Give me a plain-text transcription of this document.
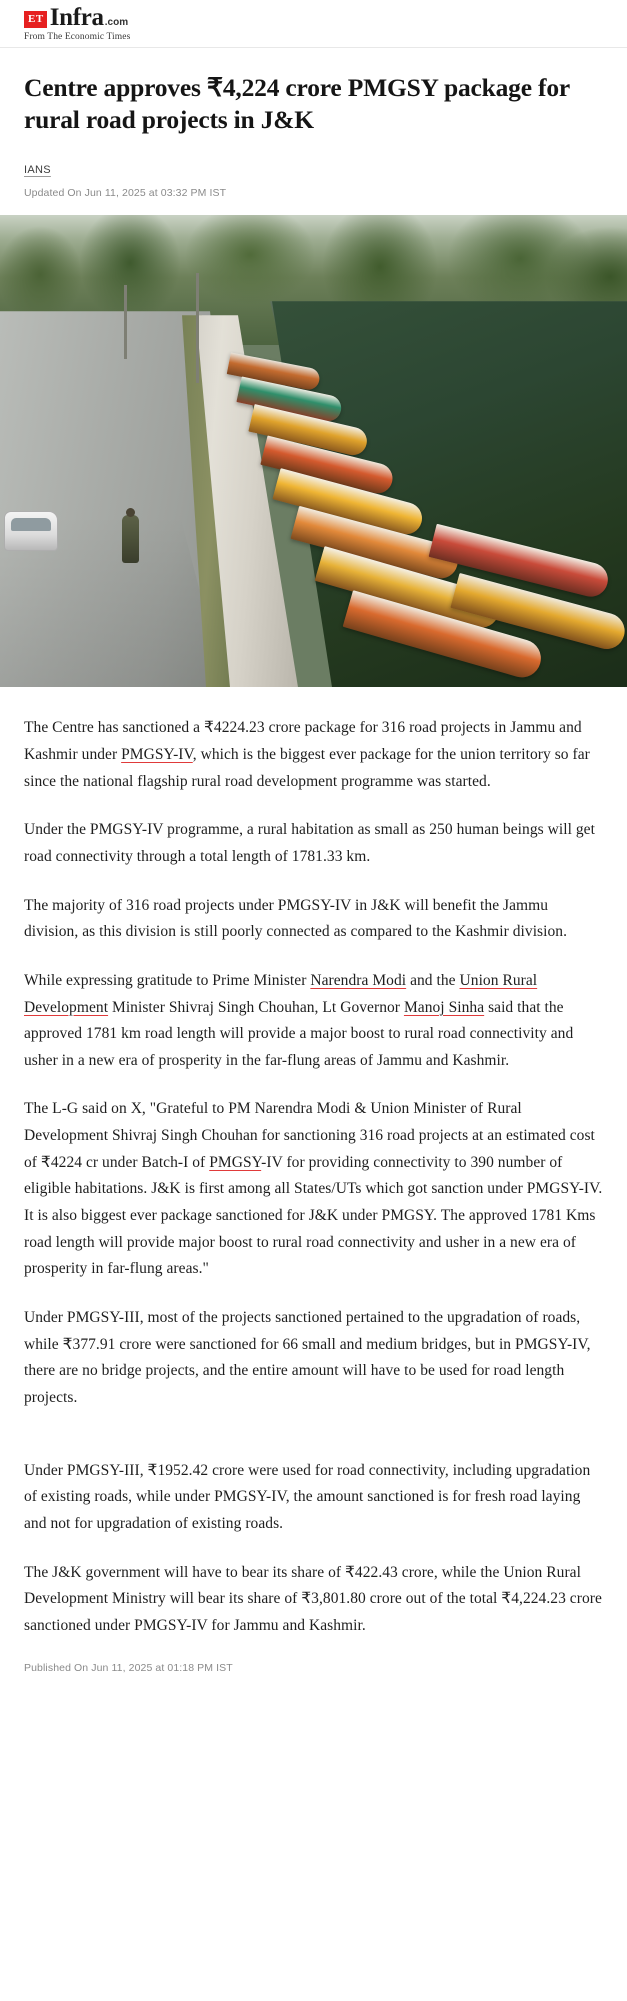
ET Infra .com
From The Economic Times
Centre approves ₹4,224 crore PMGSY package for rural road projects in J&K
IANS
Updated On Jun 11, 2025 at 03:32 PM IST

The Centre has sanctioned a ₹4224.23 crore package for 316 road projects in Jammu and Kashmir under PMGSY-IV, which is the biggest ever package for the union territory so far since the national flagship rural road development programme was started.

Under the PMGSY-IV programme, a rural habitation as small as 250 human beings will get road connectivity through a total length of 1781.33 km.

The majority of 316 road projects under PMGSY-IV in J&K will benefit the Jammu division, as this division is still poorly connected as compared to the Kashmir division.

While expressing gratitude to Prime Minister Narendra Modi and the Union Rural Development Minister Shivraj Singh Chouhan, Lt Governor Manoj Sinha said that the approved 1781 km road length will provide a major boost to rural road connectivity and usher in a new era of prosperity in the far-flung areas of Jammu and Kashmir.

The L-G said on X, "Grateful to PM Narendra Modi & Union Minister of Rural Development Shivraj Singh Chouhan for sanctioning 316 road projects at an estimated cost of ₹4224 cr under Batch-I of PMGSY-IV for providing connectivity to 390 number of eligible habitations. J&K is first among all States/UTs which got sanction under PMGSY-IV. It is also biggest ever package sanctioned for J&K under PMGSY. The approved 1781 Kms road length will provide major boost to rural road connectivity and usher in a new era of prosperity in far-flung areas."

Under PMGSY-III, most of the projects sanctioned pertained to the upgradation of roads, while ₹377.91 crore were sanctioned for 66 small and medium bridges, but in PMGSY-IV, there are no bridge projects, and the entire amount will have to be used for road length projects.

Under PMGSY-III, ₹1952.42 crore were used for road connectivity, including upgradation of existing roads, while under PMGSY-IV, the amount sanctioned is for fresh road laying and not for upgradation of existing roads.

The J&K government will have to bear its share of ₹422.43 crore, while the Union Rural Development Ministry will bear its share of ₹3,801.80 crore out of the total ₹4,224.23 crore sanctioned under PMGSY-IV for Jammu and Kashmir.

Published On Jun 11, 2025 at 01:18 PM IST
